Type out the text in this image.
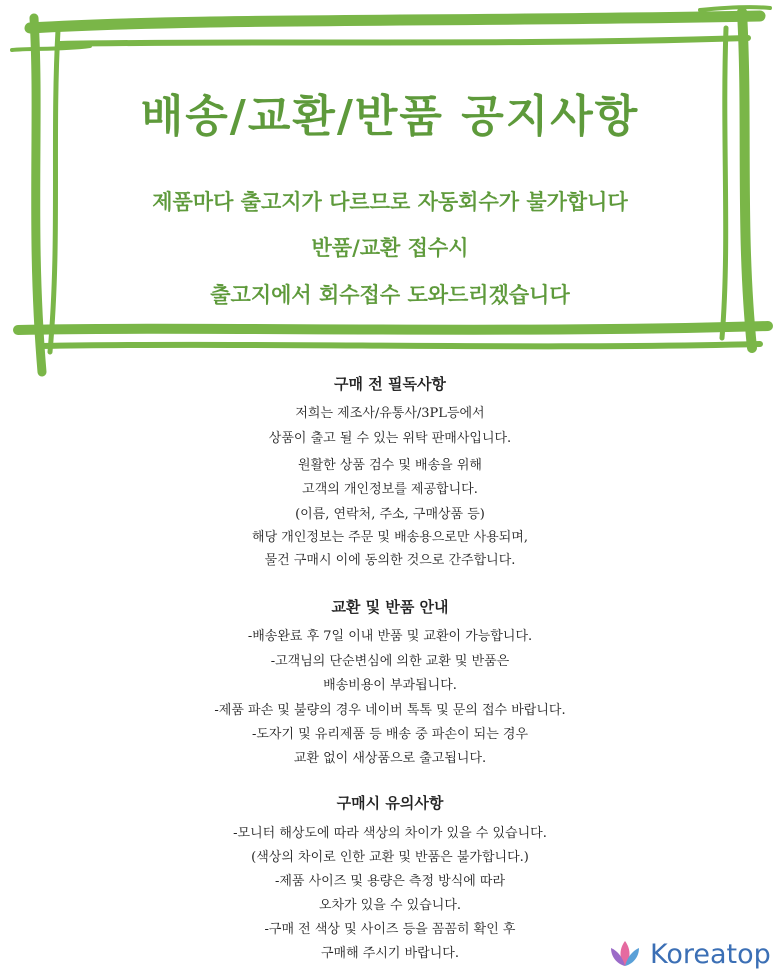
배송/교환/반품 공지사항
제품마다 출고지가 다르므로 자동회수가 불가합니다
반품/교환 접수시
출고지에서 회수접수 도와드리겠습니다
구매 전 필독사항
저희는 제조사/유통사/3PL등에서
상품이 출고 될 수 있는 위탁 판매사입니다.
원활한 상품 검수 및 배송을 위해
고객의 개인정보를 제공합니다.
(이름, 연락처, 주소, 구매상품 등)
해당 개인정보는 주문 및 배송용으로만 사용되며,
물건 구매시 이에 동의한 것으로 간주합니다.
교환 및 반품 안내
-배송완료 후 7일 이내 반품 및 교환이 가능합니다.
-고객님의 단순변심에 의한 교환 및 반품은
배송비용이 부과됩니다.
-제품 파손 및 불량의 경우 네이버 톡톡 및 문의 접수 바랍니다.
-도자기 및 유리제품 등 배송 중 파손이 되는 경우
교환 없이 새상품으로 출고됩니다.
구매시 유의사항
-모니터 해상도에 따라 색상의 차이가 있을 수 있습니다.
(색상의 차이로 인한 교환 및 반품은 불가합니다.)
-제품 사이즈 및 용량은 측정 방식에 따라
오차가 있을 수 있습니다.
-구매 전 색상 및 사이즈 등을 꼼꼼히 확인 후
구매해 주시기 바랍니다.	Koreatop
